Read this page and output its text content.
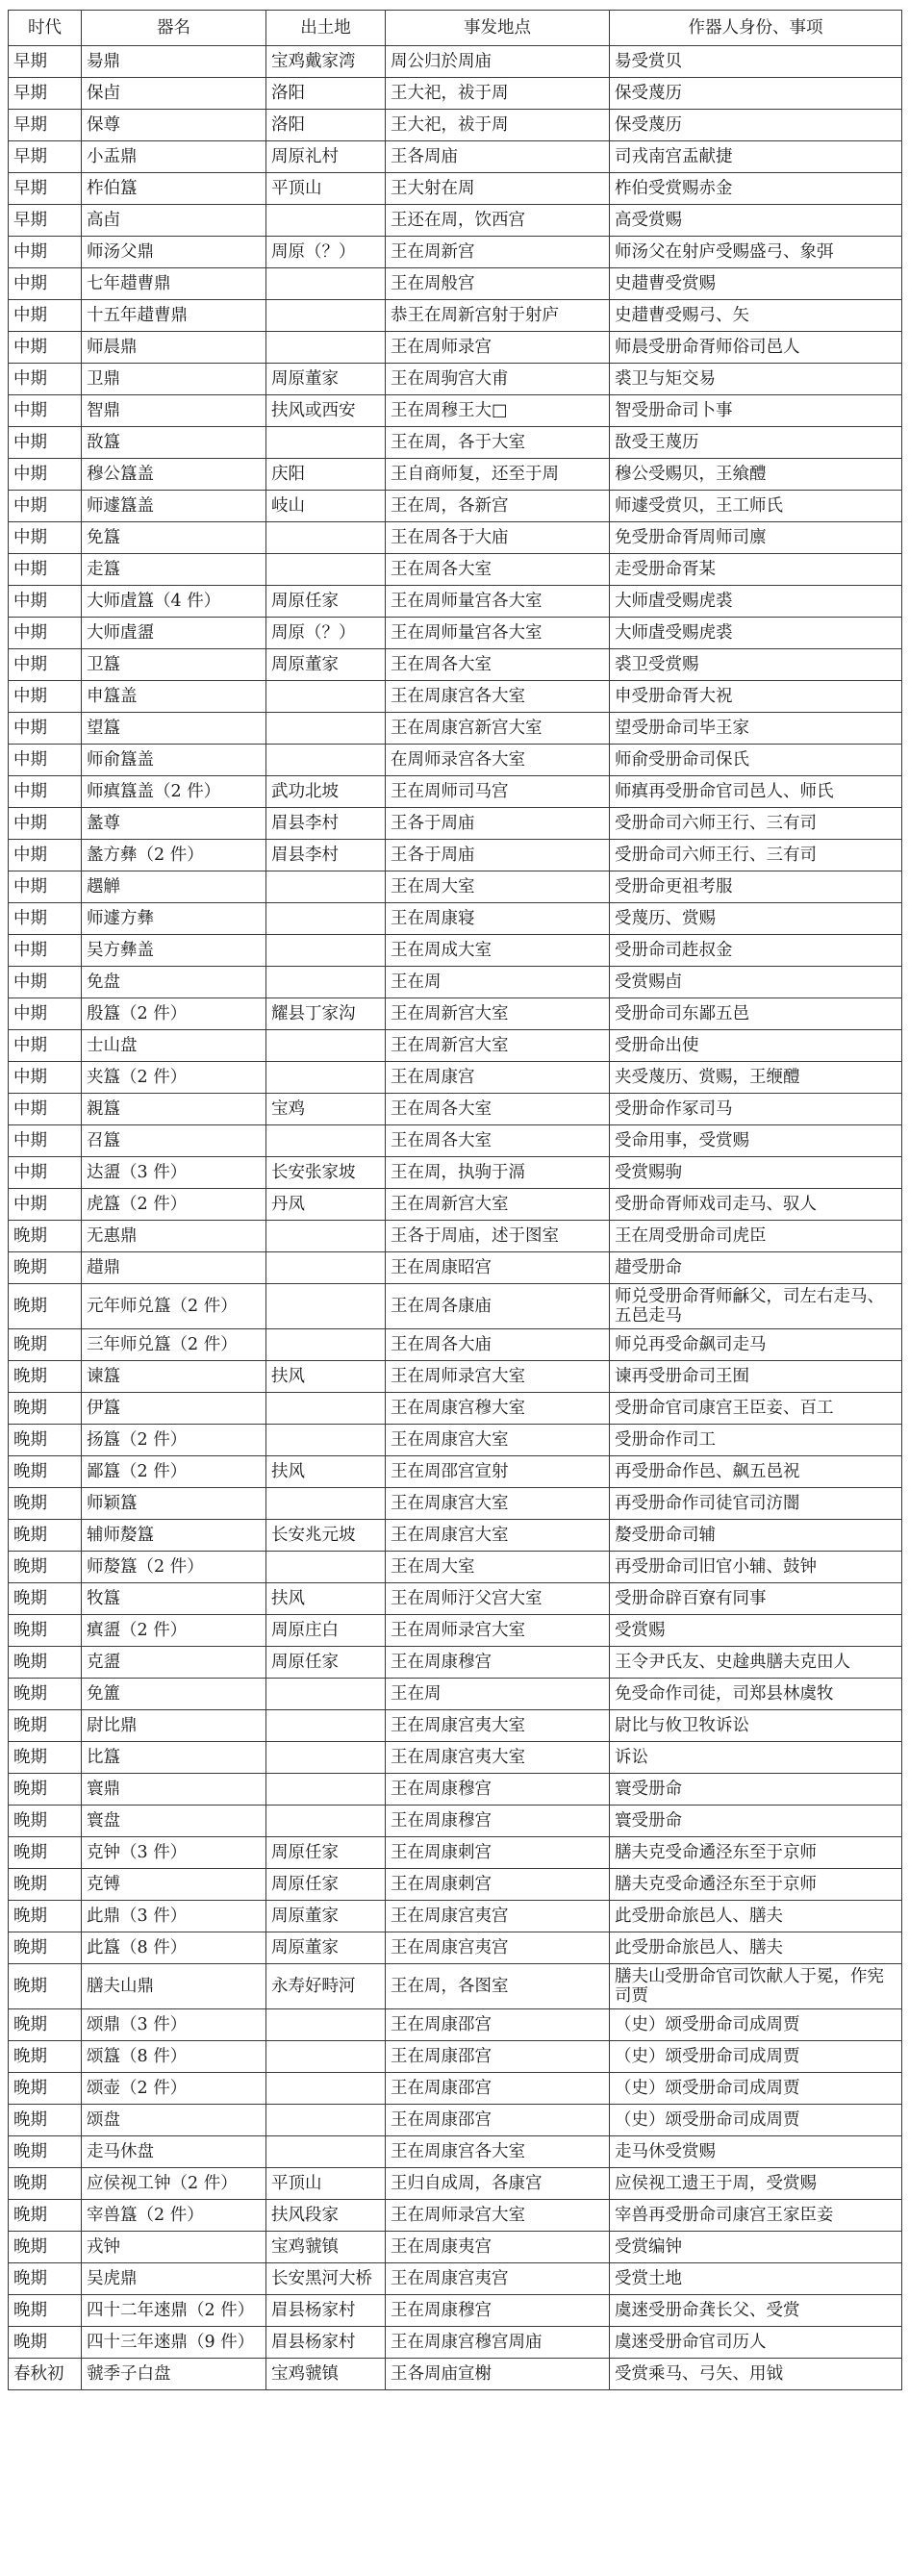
时代	器名	出土地	事发地点	作器人身份、事项
早期	昜鼎	宝鸡戴家湾	周公归於周庙	昜受赏贝
早期	保卣	洛阳	王大祀，祓于周	保受蔑历
早期	保尊	洛阳	王大祀，祓于周	保受蔑历
早期	小盂鼎	周原礼村	王各周庙	司戎南宫盂献捷
早期	柞伯簋	平顶山	王大射在周	柞伯受赏赐赤金
早期	高卣		王还在周，饮西宫	高受赏赐
中期	师汤父鼎	周原（？）	王在周新宫	师汤父在射庐受赐盛弓、象弭
中期	七年趞曹鼎		王在周般宫	史趞曹受赏赐
中期	十五年趞曹鼎		恭王在周新宫射于射庐	史趞曹受赐弓、矢
中期	师晨鼎		王在周师录宫	师晨受册命胥师俗司邑人
中期	卫鼎	周原董家	王在周驹宫大甫	裘卫与矩交易
中期	智鼎	扶风或西安	王在周穆王大□	智受册命司卜事
中期	敔簋		王在周，各于大室	敔受王蔑历
中期	穆公簋盖	庆阳	王自商师复，还至于周	穆公受赐贝，王飨醴
中期	师遽簋盖	岐山	王在周，各新宫	师遽受赏贝，王工师氏
中期	免簋		王在周各于大庙	免受册命胥周师司廪
中期	走簋		王在周各大室	走受册命胥某
中期	大师虘簋（4 件）	周原任家	王在周师量宫各大室	大师虘受赐虎裘
中期	大师虘盨	周原（？）	王在周师量宫各大室	大师虘受赐虎裘
中期	卫簋	周原董家	王在周各大室	裘卫受赏赐
中期	申簋盖		王在周康宫各大室	申受册命胥大祝
中期	望簋		王在周康宫新宫大室	望受册命司毕王家
中期	师俞簋盖		在周师录宫各大室	师俞受册命司保氏
中期	师瘨簋盖（2 件）	武功北坡	王在周师司马宫	师瘨再受册命官司邑人、师氏
中期	盠尊	眉县李村	王各于周庙	受册命司六师王行、三有司
中期	盠方彝（2 件）	眉县李村	王各于周庙	受册命司六师王行、三有司
中期	趩觯		王在周大室	受册命更祖考服
中期	师遽方彝		王在周康寝	受蔑历、赏赐
中期	吴方彝盖		王在周成大室	受册命司䞢叔金
中期	免盘		王在周	受赏赐卣
中期	殷簋（2 件）	耀县丁家沟	王在周新宫大室	受册命司东鄙五邑
中期	士山盘		王在周新宫大室	受册命出使
中期	夹簋（2 件）		王在周康宫	夹受蔑历、赏赐，王缏醴
中期	親簋	宝鸡	王在周各大室	受册命作冢司马
中期	召簋		王在周各大室	受命用事，受赏赐
中期	达盨（3 件）	长安张家坡	王在周，执驹于滆	受赏赐驹
中期	虎簋（2 件）	丹凤	王在周新宫大室	受册命胥师戏司走马、驭人
晚期	无惠鼎		王各于周庙，述于图室	王在周受册命司虎臣
晚期	趞鼎		王在周康昭宫	趞受册命
晚期	元年师兑簋（2 件）		王在周各康庙	师兑受册命胥师龢父，司左右走马、五邑走马
晚期	三年师兑簋（2 件）		王在周各大庙	师兑再受命飙司走马
晚期	谏簋	扶风	王在周师录宫大室	谏再受册命司王囿
晚期	伊簋		王在周康宫穆大室	受册命官司康宫王臣妾、百工
晚期	扬簋（2 件）		王在周康宫大室	受册命作司工
晚期	鄙簋（2 件）	扶风	王在周邵宫宣射	再受册命作邑、飙五邑祝
晚期	师颖簋		王在周康宫大室	再受册命作司徒官司汸闇
晚期	辅师嫠簋	长安兆元坡	王在周康宫大室	嫠受册命司辅
晚期	师嫠簋（2 件）		王在周大室	再受册命司旧官小辅、鼓钟
晚期	牧簋	扶风	王在周师汙父宫大室	受册命辟百寮有同事
晚期	瘨盨（2 件）	周原庄白	王在周师录宫大室	受赏赐
晚期	克盨	周原任家	王在周康穆宫	王令尹氏友、史趛典膳夫克田人
晚期	免簠		王在周	免受命作司徒，司郑县林虞牧
晚期	尉比鼎		王在周康宫夷大室	尉比与攸卫牧诉讼
晚期	比簋		王在周康宫夷大室	诉讼
晚期	寰鼎		王在周康穆宫	寰受册命
晚期	寰盘		王在周康穆宫	寰受册命
晚期	克钟（3 件）	周原任家	王在周康刺宫	膳夫克受命遹泾东至于京师
晚期	克镈	周原任家	王在周康刺宫	膳夫克受命遹泾东至于京师
晚期	此鼎（3 件）	周原董家	王在周康宫夷宫	此受册命旅邑人、膳夫
晚期	此簋（8 件）	周原董家	王在周康宫夷宫	此受册命旅邑人、膳夫
晚期	膳夫山鼎	永寿好畤河	王在周，各图室	膳夫山受册命官司饮献人于冕，作宪司贾
晚期	颂鼎（3 件）		王在周康邵宫	（史）颂受册命司成周贾
晚期	颂簋（8 件）		王在周康邵宫	（史）颂受册命司成周贾
晚期	颂壶（2 件）		王在周康邵宫	（史）颂受册命司成周贾
晚期	颂盘		王在周康邵宫	（史）颂受册命司成周贾
晚期	走马休盘		王在周康宫各大室	走马休受赏赐
晚期	应侯视工钟（2 件）	平顶山	王归自成周，各康宫	应侯视工遗王于周，受赏赐
晚期	宰兽簋（2 件）	扶风段家	王在周师录宫大室	宰兽再受册命司康宫王家臣妾
晚期	戎钟	宝鸡虢镇	王在周康夷宫	受赏编钟
晚期	吴虎鼎	长安黑河大桥	王在周康宫夷宫	受赏土地
晚期	四十二年逨鼎（2 件）	眉县杨家村	王在周康穆宫	虞逨受册命龚长父、受赏
晚期	四十三年逨鼎（9 件）	眉县杨家村	王在周康宫穆宫周庙	虞逨受册命官司历人
春秋初	虢季子白盘	宝鸡虢镇	王各周庙宣榭	受赏乘马、弓矢、用钺
